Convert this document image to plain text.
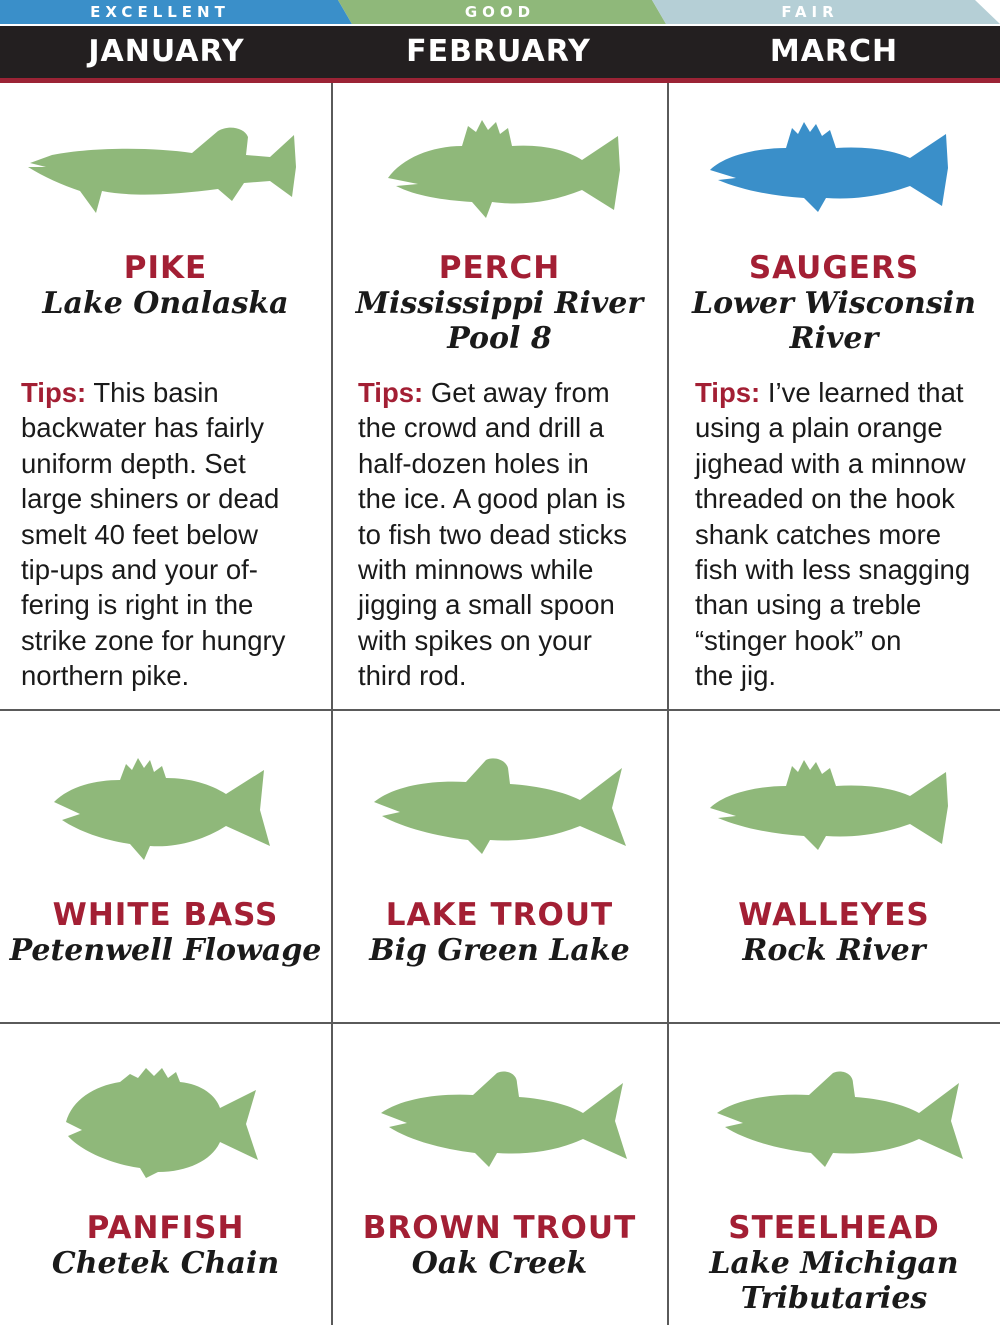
EXCELLENT	GOOD	FAIR
JANUARY	FEBRUARY	MARCH
PIKE
Lake Onalaska
Tips: This basin
backwater has fairly
uniform depth. Set
large shiners or dead
smelt 40 feet below
tip-ups and your of-
fering is right in the
strike zone for hungry
northern pike.
PERCH
Mississippi River
Pool 8
Tips: Get away from
the crowd and drill a
half-dozen holes in
the ice. A good plan is
to fish two dead sticks
with minnows while
jigging a small spoon
with spikes on your
third rod.
SAUGERS
Lower Wisconsin
River
Tips: I’ve learned that
using a plain orange
jighead with a minnow
threaded on the hook
shank catches more
fish with less snagging
than using a treble
“stinger hook” on
the jig.
WHITE BASS
Petenwell Flowage
LAKE TROUT
Big Green Lake
WALLEYES
Rock River
PANFISH
Chetek Chain
BROWN TROUT
Oak Creek
STEELHEAD
Lake Michigan
Tributaries
